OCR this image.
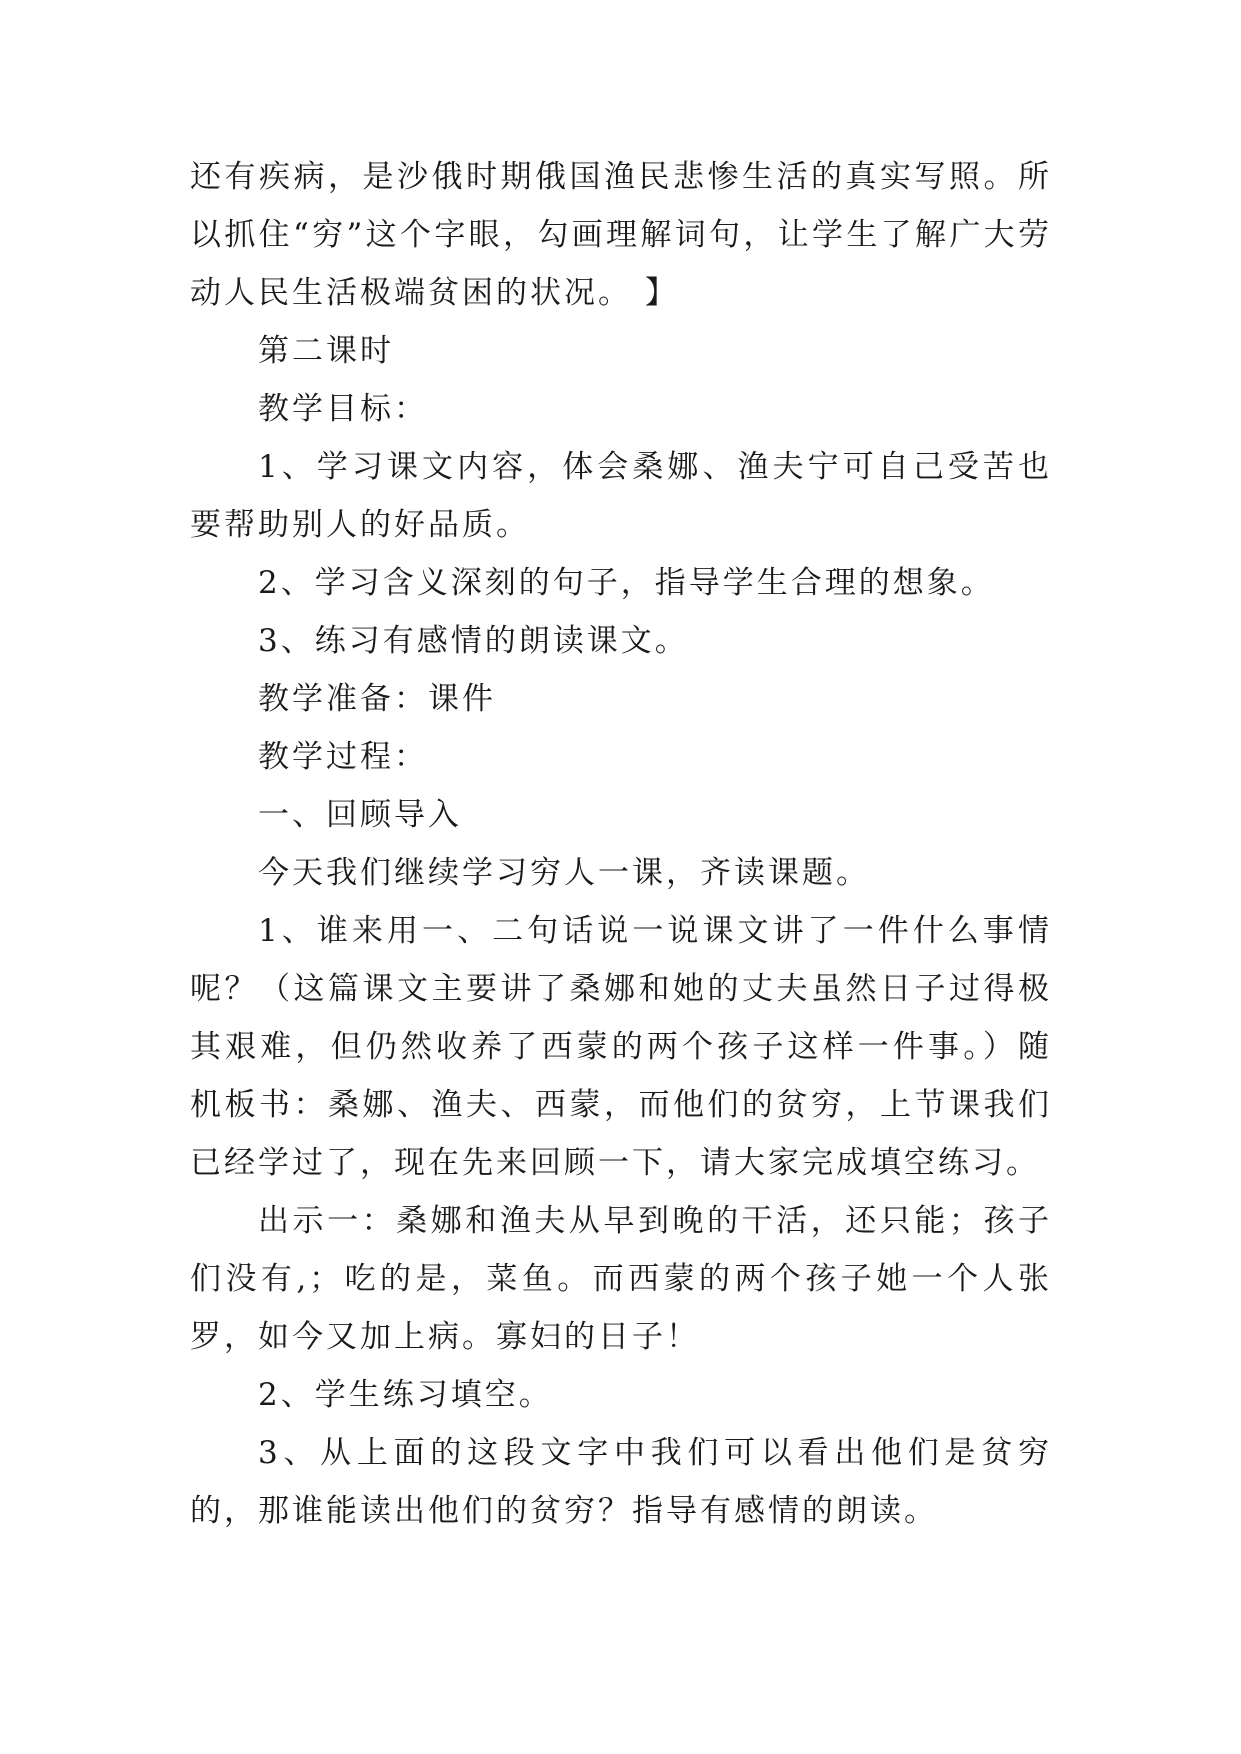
还有疾病，是沙俄时期俄国渔民悲惨生活的真实写照。所以抓住“穷”这个字眼，勾画理解词句，让学生了解广大劳动人民生活极端贫困的状况。 】

第二课时

教学目标：

1、学习课文内容，体会桑娜、渔夫宁可自己受苦也要帮助别人的好品质。

2、学习含义深刻的句子，指导学生合理的想象。

3、练习有感情的朗读课文。

教学准备：课件

教学过程：

一、回顾导入

今天我们继续学习穷人一课，齐读课题。

1、谁来用一、二句话说一说课文讲了一件什么事情呢？（这篇课文主要讲了桑娜和她的丈夫虽然日子过得极其艰难，但仍然收养了西蒙的两个孩子这样一件事。）随机板书：桑娜、渔夫、西蒙，而他们的贫穷，上节课我们已经学过了，现在先来回顾一下，请大家完成填空练习。

出示一：桑娜和渔夫从早到晚的干活，还只能；孩子们没有,；吃的是，菜鱼。而西蒙的两个孩子她一个人张罗，如今又加上病。寡妇的日子！

2、学生练习填空。

3、从上面的这段文字中我们可以看出他们是贫穷的，那谁能读出他们的贫穷？指导有感情的朗读。
